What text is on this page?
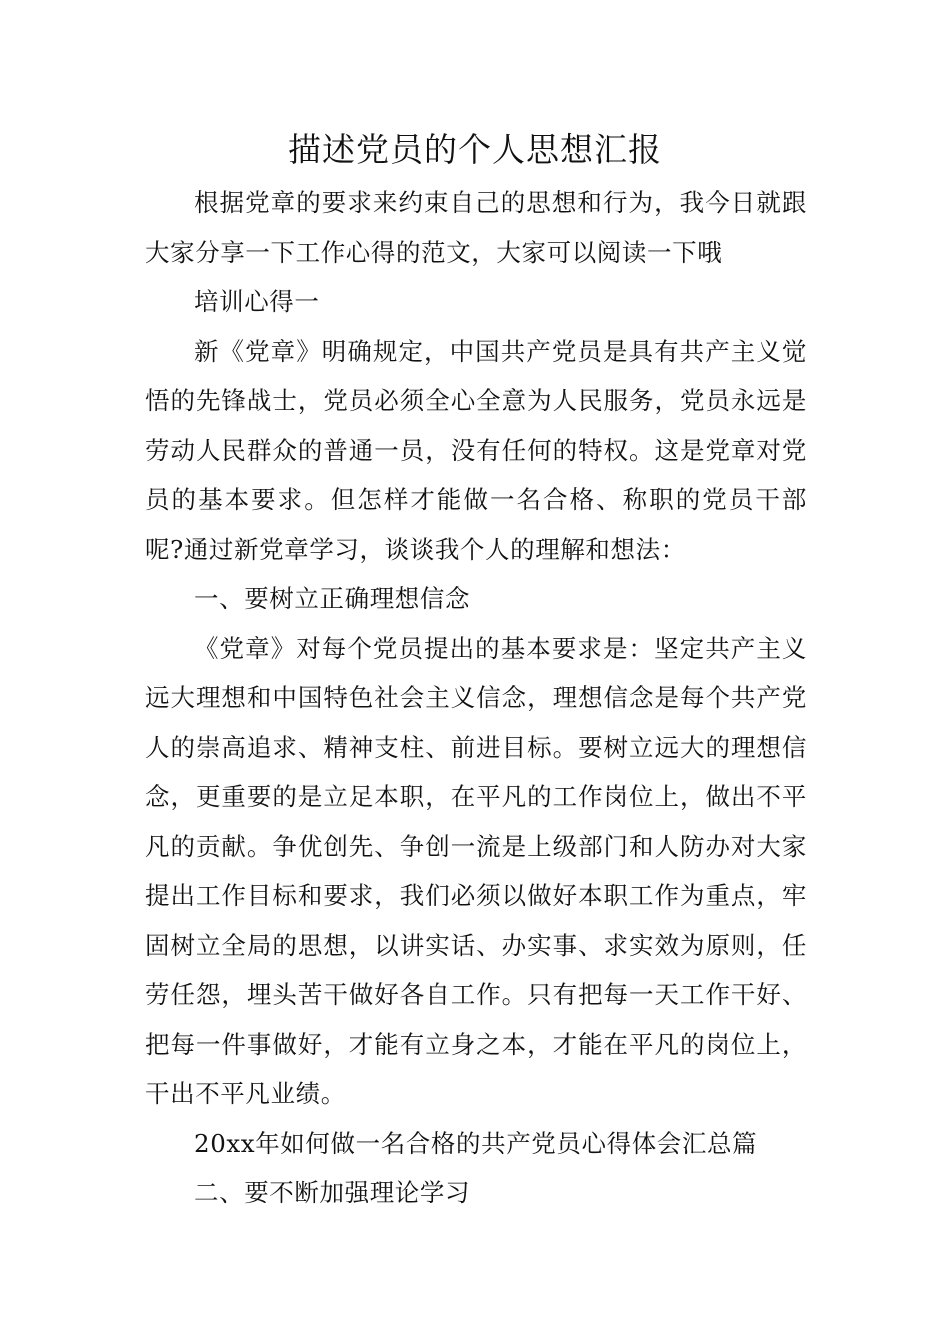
描述党员的个人思想汇报

根据党章的要求来约束自己的思想和行为，我今日就跟大家分享一下工作心得的范文，大家可以阅读一下哦

培训心得一

新《党章》明确规定，中国共产党员是具有共产主义觉悟的先锋战士，党员必须全心全意为人民服务，党员永远是劳动人民群众的普通一员，没有任何的特权。这是党章对党员的基本要求。但怎样才能做一名合格、称职的党员干部呢?通过新党章学习，谈谈我个人的理解和想法：

一、要树立正确理想信念

《党章》对每个党员提出的基本要求是：坚定共产主义远大理想和中国特色社会主义信念，理想信念是每个共产党人的崇高追求、精神支柱、前进目标。要树立远大的理想信念，更重要的是立足本职，在平凡的工作岗位上，做出不平凡的贡献。争优创先、争创一流是上级部门和人防办对大家提出工作目标和要求，我们必须以做好本职工作为重点，牢固树立全局的思想，以讲实话、办实事、求实效为原则，任劳任怨，埋头苦干做好各自工作。只有把每一天工作干好、把每一件事做好，才能有立身之本，才能在平凡的岗位上，干出不平凡业绩。

20xx年如何做一名合格的共产党员心得体会汇总篇

二、要不断加强理论学习
